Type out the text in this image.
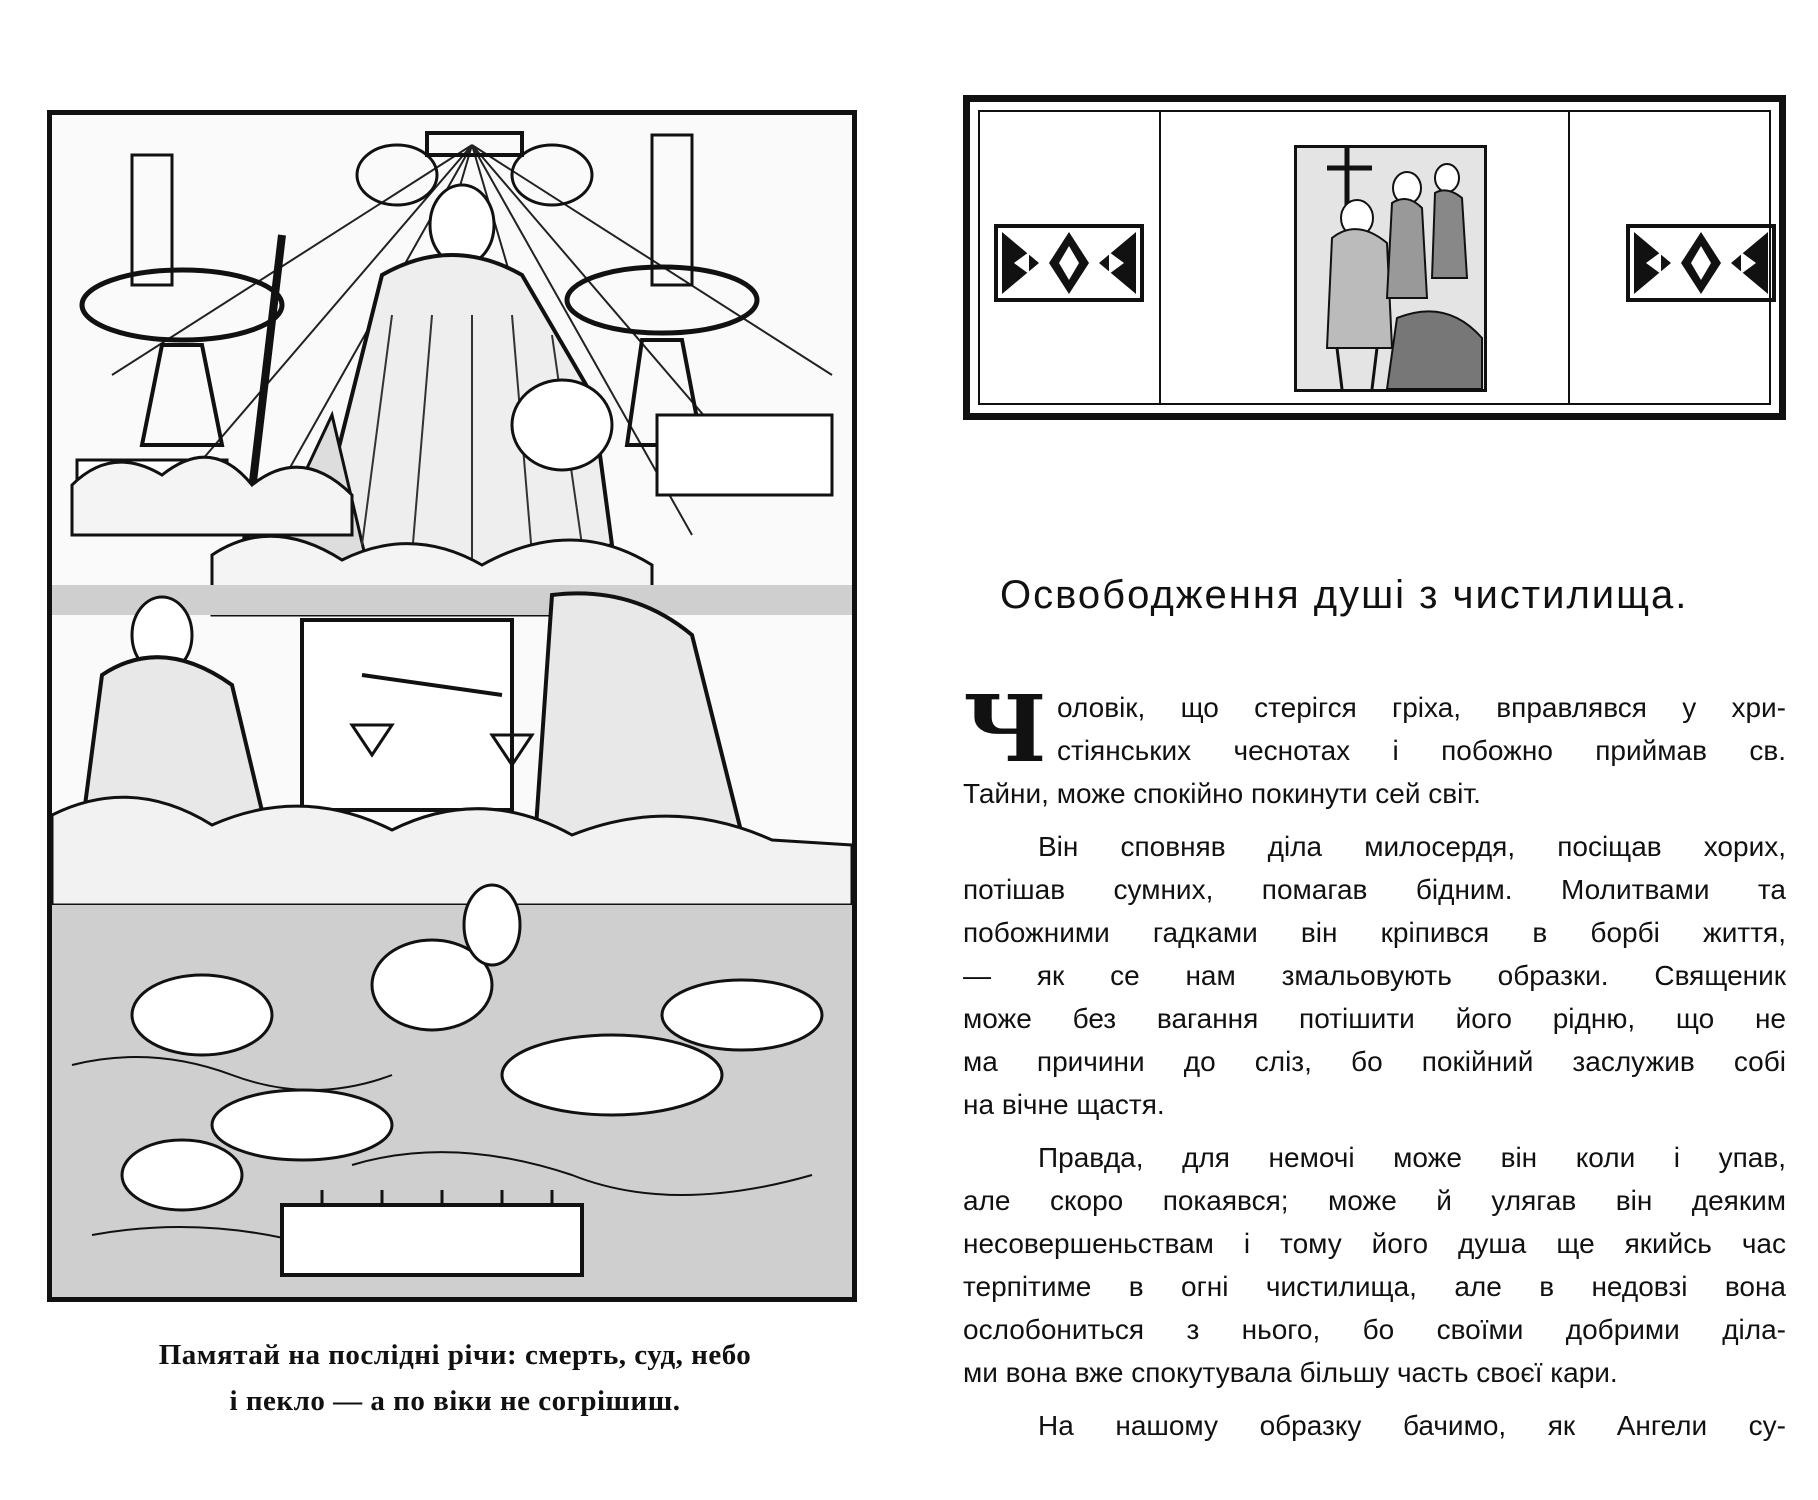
Памятай на послідні річи: смерть, суд, небо
і пекло — а по віки не согрішиш.
Освободження душі з чистилища.
Ч оловік, що стерігся гріха, вправлявся у хри-
стіянських чеснотах і побожно приймав св.
Тайни, може спокійно покинути сей світ.
Він сповняв діла милосердя, посіщав хорих,
потішав сумних, помагав бідним. Молитвами та
побожними гадками він кріпився в борбі життя,
— як се нам змальовують образки. Священик
може без вагання потішити його рідню, що не
ма причини до сліз, бо покійний заслужив собі
на вічне щастя.
Правда, для немочі може він коли і упав,
але скоро покаявся; може й улягав він деяким
несовершеньствам і тому його душа ще якийсь час
терпітиме в огні чистилища, але в недовзі вона
ослобониться з нього, бо своїми добрими діла-
ми вона вже спокутувала більшу часть своєї кари.
На нашому образку бачимо, як Ангели су-
